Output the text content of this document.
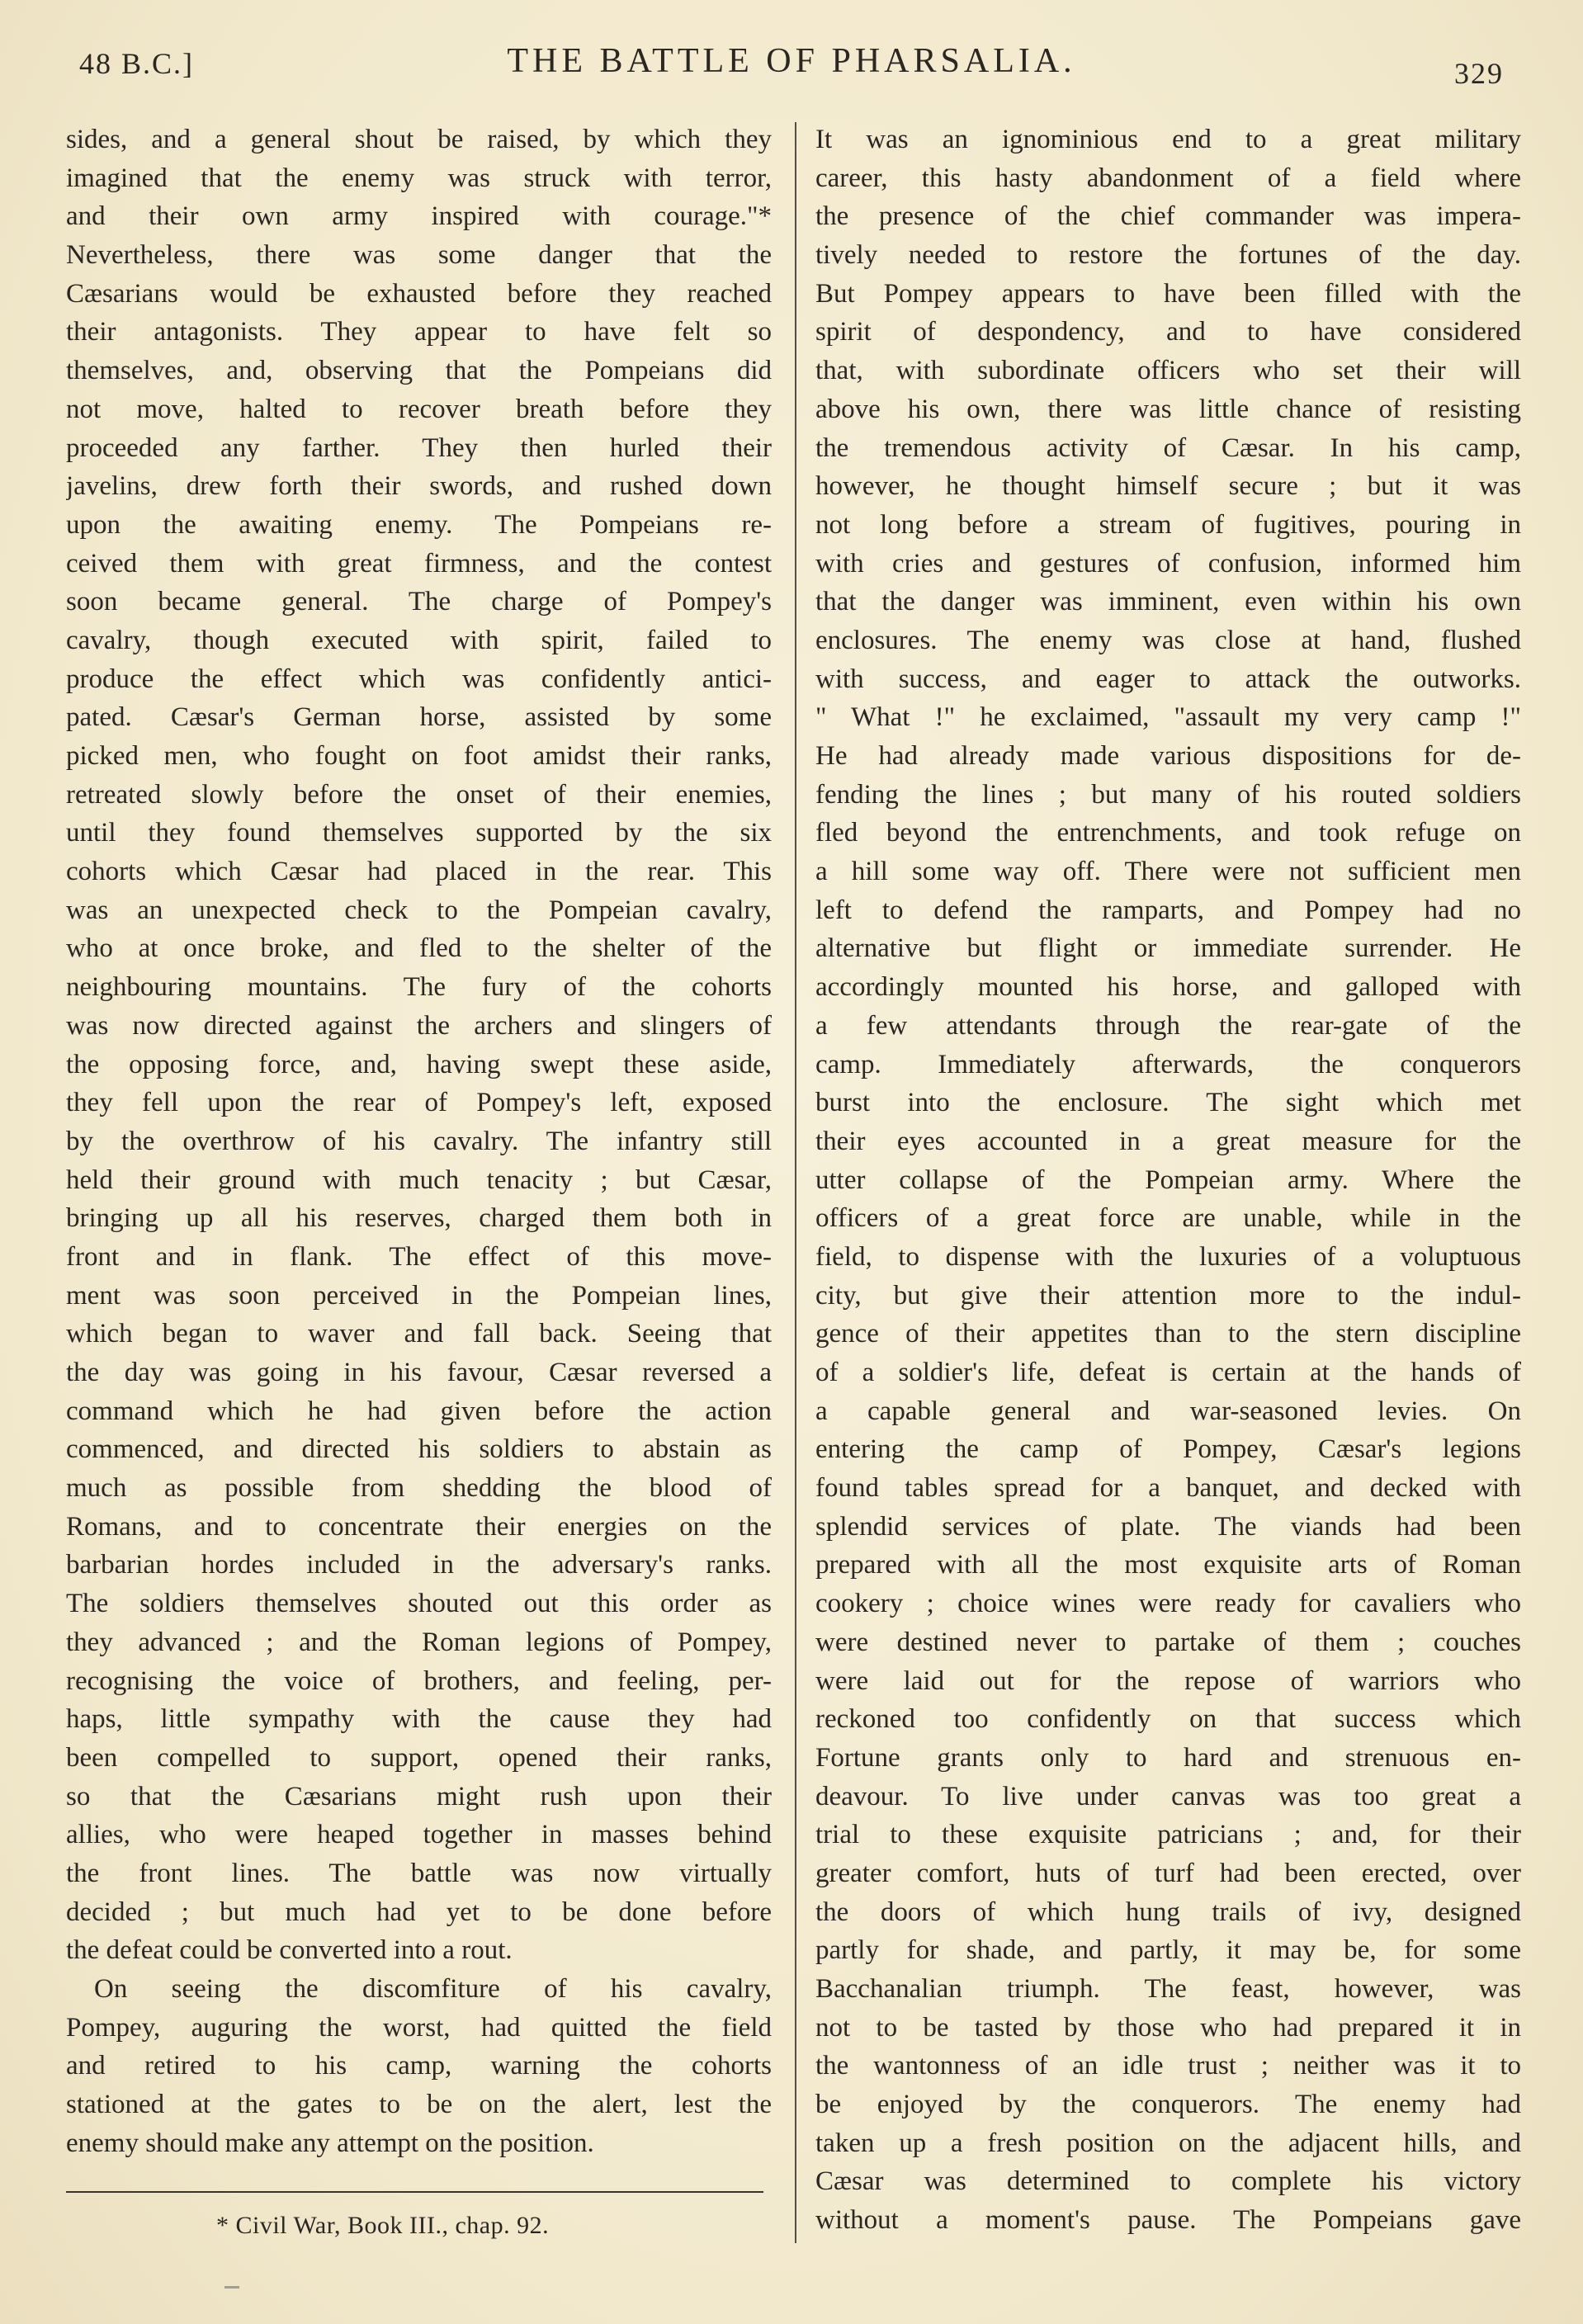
48 B.C.]	THE BATTLE OF PHARSALIA.	329
sides, and a general shout be raised, by which they
imagined that the enemy was struck with terror,
and their own army inspired with courage."*
Nevertheless, there was some danger that the
Cæsarians would be exhausted before they reached
their antagonists. They appear to have felt so
themselves, and, observing that the Pompeians did
not move, halted to recover breath before they
proceeded any farther. They then hurled their
javelins, drew forth their swords, and rushed down
upon the awaiting enemy. The Pompeians re-
ceived them with great firmness, and the contest
soon became general. The charge of Pompey's
cavalry, though executed with spirit, failed to
produce the effect which was confidently antici-
pated. Cæsar's German horse, assisted by some
picked men, who fought on foot amidst their ranks,
retreated slowly before the onset of their enemies,
until they found themselves supported by the six
cohorts which Cæsar had placed in the rear. This
was an unexpected check to the Pompeian cavalry,
who at once broke, and fled to the shelter of the
neighbouring mountains. The fury of the cohorts
was now directed against the archers and slingers of
the opposing force, and, having swept these aside,
they fell upon the rear of Pompey's left, exposed
by the overthrow of his cavalry. The infantry still
held their ground with much tenacity ; but Cæsar,
bringing up all his reserves, charged them both in
front and in flank. The effect of this move-
ment was soon perceived in the Pompeian lines,
which began to waver and fall back. Seeing that
the day was going in his favour, Cæsar reversed a
command which he had given before the action
commenced, and directed his soldiers to abstain as
much as possible from shedding the blood of
Romans, and to concentrate their energies on the
barbarian hordes included in the adversary's ranks.
The soldiers themselves shouted out this order as
they advanced ; and the Roman legions of Pompey,
recognising the voice of brothers, and feeling, per-
haps, little sympathy with the cause they had
been compelled to support, opened their ranks,
so that the Cæsarians might rush upon their
allies, who were heaped together in masses behind
the front lines. The battle was now virtually
decided ; but much had yet to be done before
the defeat could be converted into a rout.
On seeing the discomfiture of his cavalry,
Pompey, auguring the worst, had quitted the field
and retired to his camp, warning the cohorts
stationed at the gates to be on the alert, lest the
enemy should make any attempt on the position.
It was an ignominious end to a great military
career, this hasty abandonment of a field where
the presence of the chief commander was impera-
tively needed to restore the fortunes of the day.
But Pompey appears to have been filled with the
spirit of despondency, and to have considered
that, with subordinate officers who set their will
above his own, there was little chance of resisting
the tremendous activity of Cæsar. In his camp,
however, he thought himself secure ; but it was
not long before a stream of fugitives, pouring in
with cries and gestures of confusion, informed him
that the danger was imminent, even within his own
enclosures. The enemy was close at hand, flushed
with success, and eager to attack the outworks.
" What !" he exclaimed, "assault my very camp !"
He had already made various dispositions for de-
fending the lines ; but many of his routed soldiers
fled beyond the entrenchments, and took refuge on
a hill some way off. There were not sufficient men
left to defend the ramparts, and Pompey had no
alternative but flight or immediate surrender. He
accordingly mounted his horse, and galloped with
a few attendants through the rear-gate of the
camp. Immediately afterwards, the conquerors
burst into the enclosure. The sight which met
their eyes accounted in a great measure for the
utter collapse of the Pompeian army. Where the
officers of a great force are unable, while in the
field, to dispense with the luxuries of a voluptuous
city, but give their attention more to the indul-
gence of their appetites than to the stern discipline
of a soldier's life, defeat is certain at the hands of
a capable general and war-seasoned levies. On
entering the camp of Pompey, Cæsar's legions
found tables spread for a banquet, and decked with
splendid services of plate. The viands had been
prepared with all the most exquisite arts of Roman
cookery ; choice wines were ready for cavaliers who
were destined never to partake of them ; couches
were laid out for the repose of warriors who
reckoned too confidently on that success which
Fortune grants only to hard and strenuous en-
deavour. To live under canvas was too great a
trial to these exquisite patricians ; and, for their
greater comfort, huts of turf had been erected, over
the doors of which hung trails of ivy, designed
partly for shade, and partly, it may be, for some
Bacchanalian triumph. The feast, however, was
not to be tasted by those who had prepared it in
the wantonness of an idle trust ; neither was it to
be enjoyed by the conquerors. The enemy had
taken up a fresh position on the adjacent hills, and
Cæsar was determined to complete his victory
without a moment's pause. The Pompeians gave
* Civil War, Book III., chap. 92.
